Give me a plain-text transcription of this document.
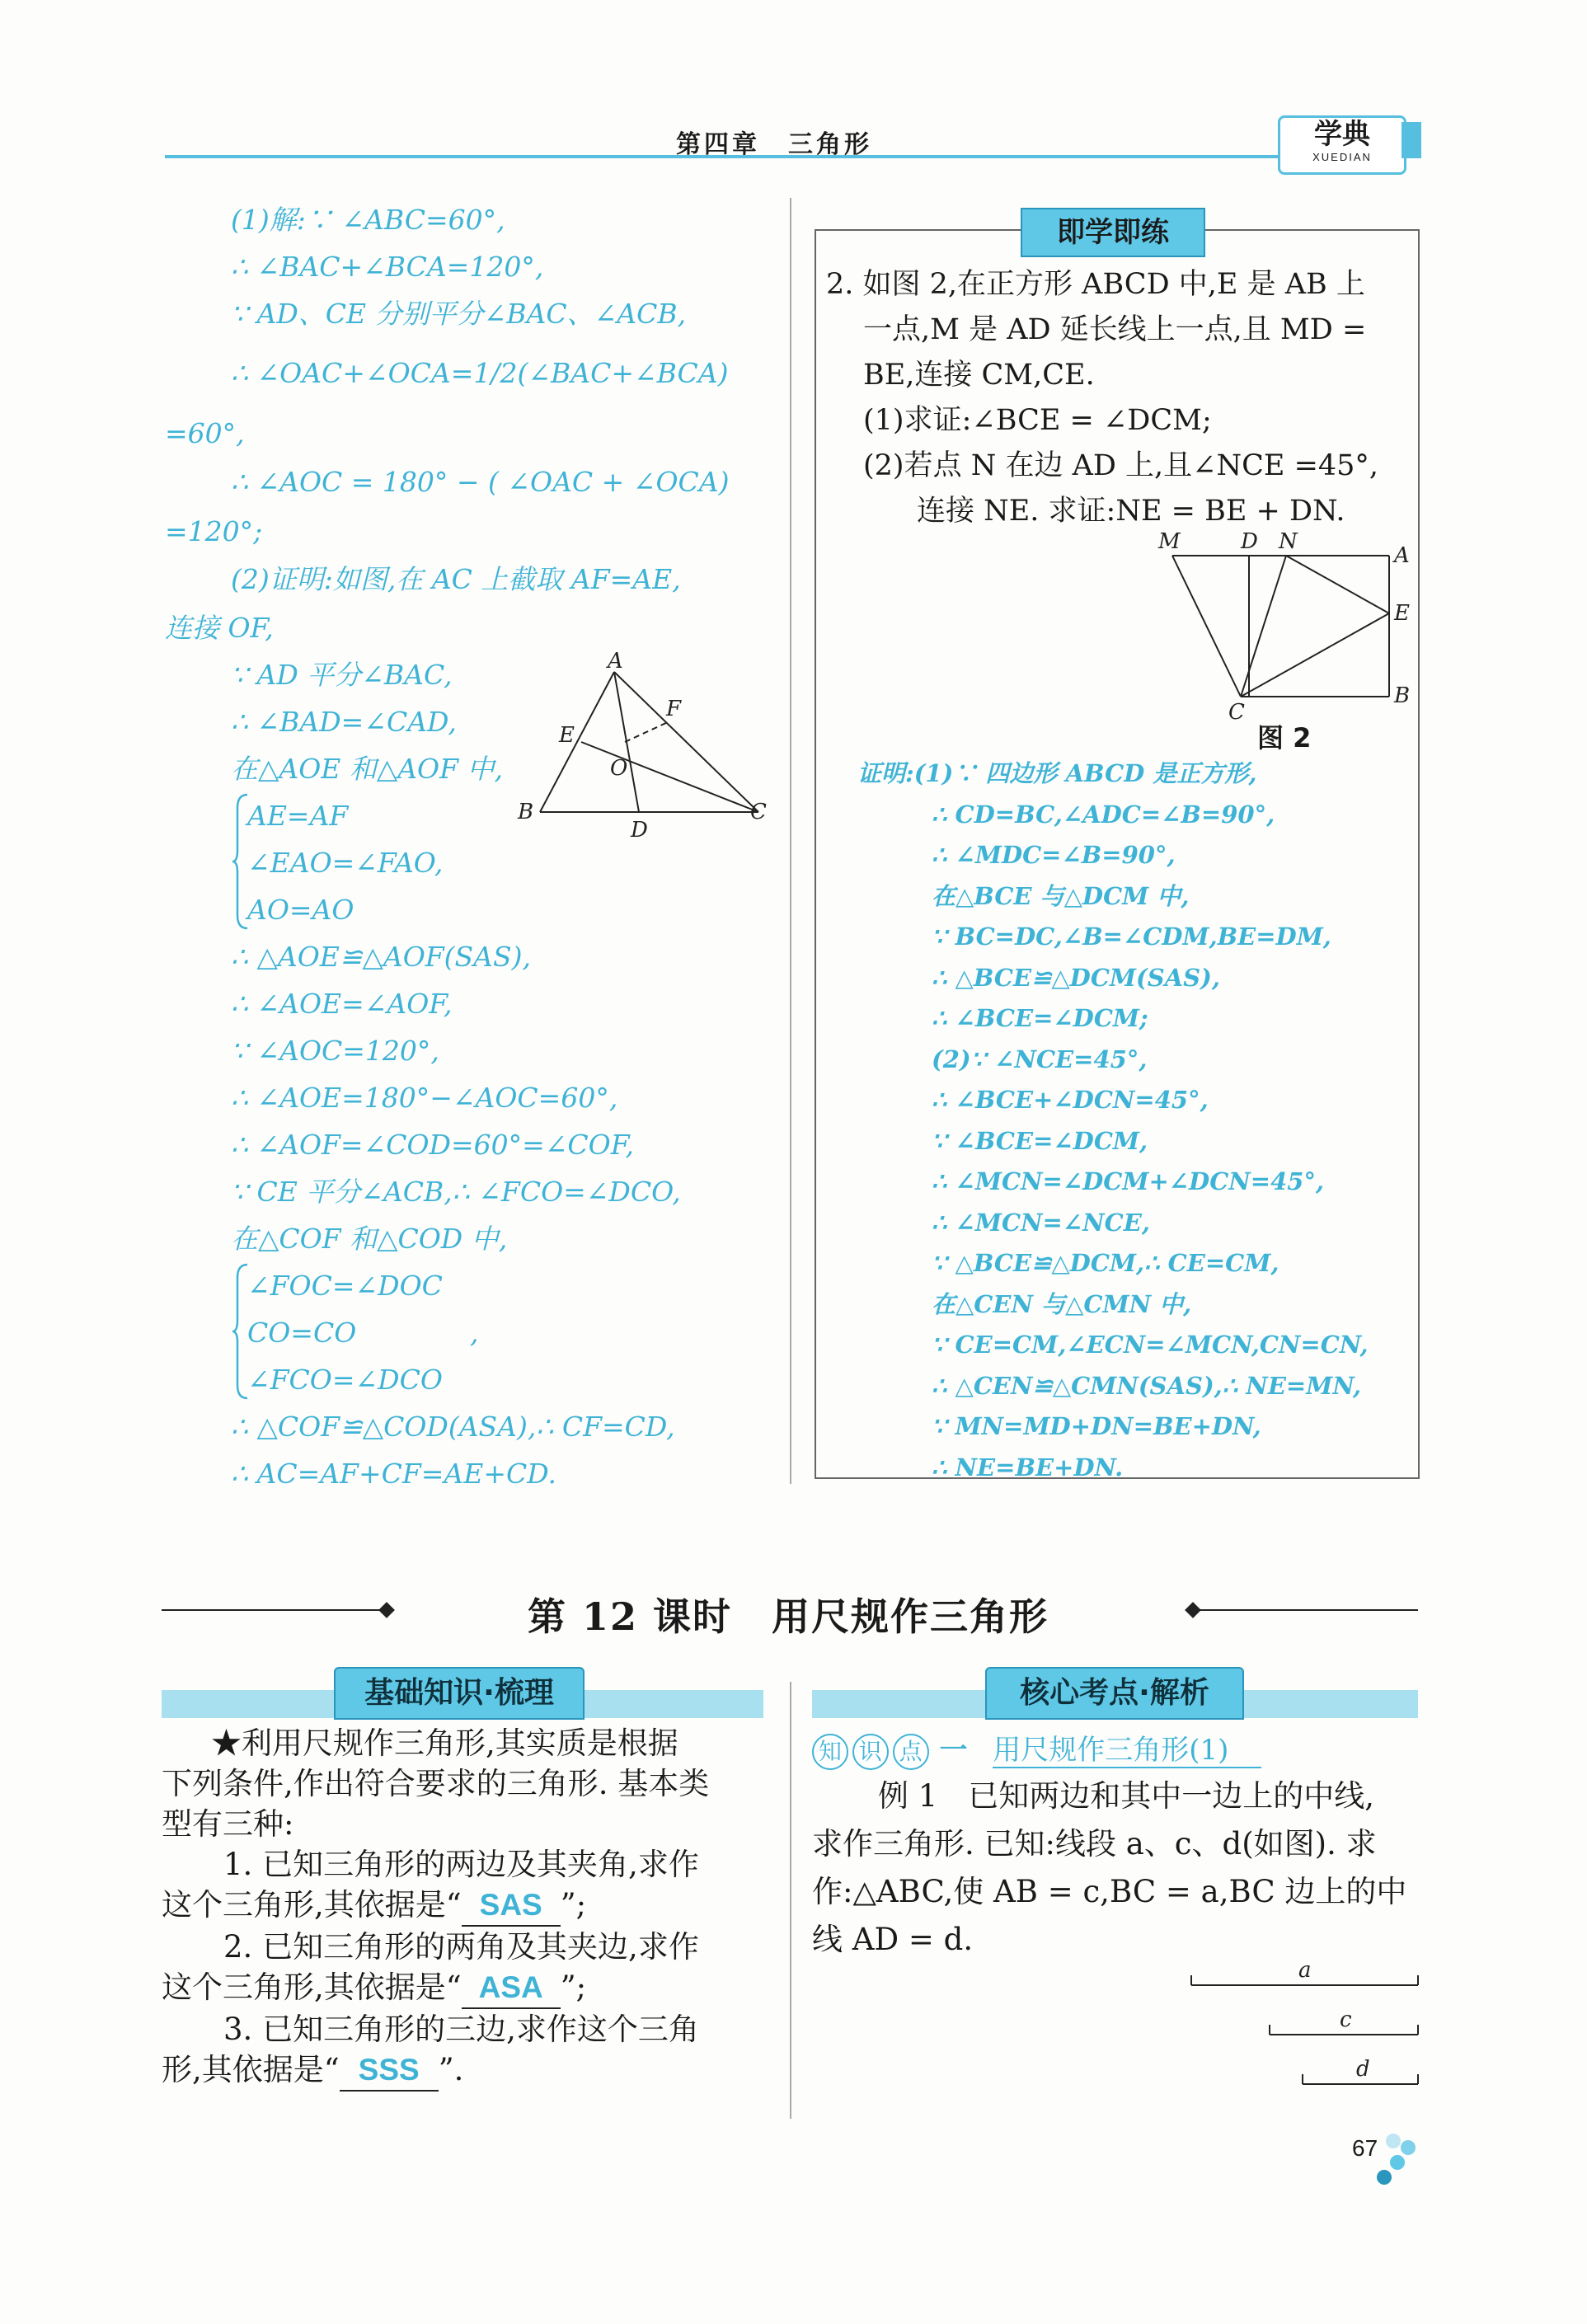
第四章　三角形	学典
XUEDIAN
(1)解:∵ ∠ABC=60°,
∴ ∠BAC+∠BCA=120°,
∵ AD、CE 分别平分∠BAC、∠ACB,
∴ ∠OAC+∠OCA=1/2(∠BAC+∠BCA)
=60°,
∴ ∠AOC = 180° − ( ∠OAC + ∠OCA)
=120°;
(2)证明:如图,在 AC 上截取 AF=AE,
连接 OF,
∵ AD 平分∠BAC,
∴ ∠BAD=∠CAD,
在△AOE 和△AOF 中,
AE=AF
∠EAO=∠FAO,
AO=AO
∴ △AOE≌△AOF(SAS),
∴ ∠AOE=∠AOF,
∵ ∠AOC=120°,
∴ ∠AOE=180°−∠AOC=60°,
∴ ∠AOF=∠COD=60°=∠COF,
∵ CE 平分∠ACB,∴ ∠FCO=∠DCO,
在△COF 和△COD 中,
∠FOC=∠DOC
CO=CO	,
∠FCO=∠DCO
∴ △COF≌△COD(ASA),∴ CF=CD,
∴ AC=AF+CF=AE+CD.
A
E
F
O
B
D
C
即学即练
2. 如图 2,在正方形 ABCD 中,E 是 AB 上
一点,M 是 AD 延长线上一点,且 MD =
BE,连接 CM,CE.
(1)求证:∠BCE = ∠DCM;
(2)若点 N 在边 AD 上,且∠NCE =45°,
连接 NE. 求证:NE = BE + DN.
M	D N
A
E
C
B
图 2
证明:(1)∵ 四边形 ABCD 是正方形,
∴ CD=BC,∠ADC=∠B=90°,
∴ ∠MDC=∠B=90°,
在△BCE 与△DCM 中,
∵ BC=DC,∠B=∠CDM,BE=DM,
∴ △BCE≌△DCM(SAS),
∴ ∠BCE=∠DCM;
(2)∵ ∠NCE=45°,
∴ ∠BCE+∠DCN=45°,
∵ ∠BCE=∠DCM,
∴ ∠MCN=∠DCM+∠DCN=45°,
∴ ∠MCN=∠NCE,
∵ △BCE≌△DCM,∴ CE=CM,
在△CEN 与△CMN 中,
∵ CE=CM,∠ECN=∠MCN,CN=CN,
∴ △CEN≌△CMN(SAS),∴ NE=MN,
∵ MN=MD+DN=BE+DN,
∴ NE=BE+DN.
第 12 课时　用尺规作三角形
基础知识·梳理
★利用尺规作三角形,其实质是根据
下列条件,作出符合要求的三角形. 基本类
型有三种:
1. 已知三角形的两边及其夹角,求作
这个三角形,其依据是“ SAS ”;
2. 已知三角形的两角及其夹边,求作
这个三角形,其依据是“ ASA ”;
3. 已知三角形的三边,求作这个三角
形,其依据是“ SSS ”.
核心考点·解析
知 识 点 一 用尺规作三角形(1)
例 1　已知两边和其中一边上的中线,
求作三角形. 已知:线段 a、c、d(如图). 求
作:△ABC,使 AB = c,BC = a,BC 边上的中
线 AD = d.
a
c
d
67
